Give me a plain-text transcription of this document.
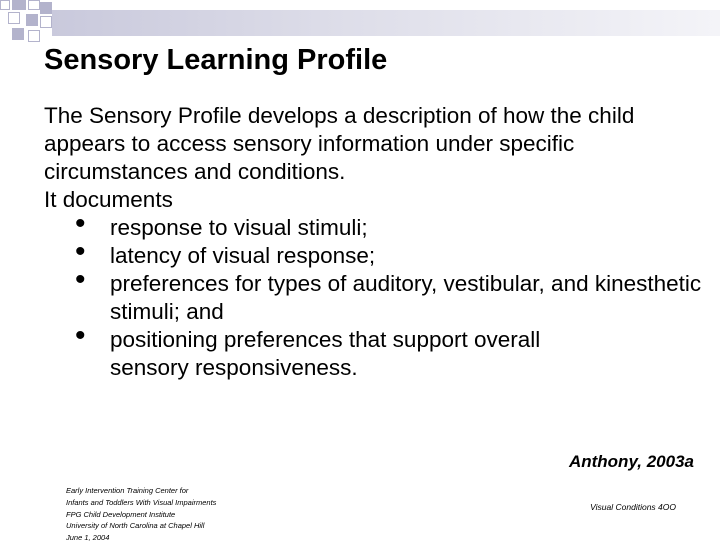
Sensory Learning Profile

The Sensory Profile develops a description of how the child appears to access sensory information under specific circumstances and conditions.

It documents

• response to visual stimuli;
• latency of visual response;
•	preferences for types of auditory, vestibular, and kinesthetic stimuli; and
• positioning preferences that support overall sensory responsiveness.
Anthony, 2003a
Early Intervention Training Center for
Infants and Toddlers With Visual Impairments
FPG Child Development Institute
University of North Carolina at Chapel Hill
June 1, 2004
Visual Conditions 4OO
